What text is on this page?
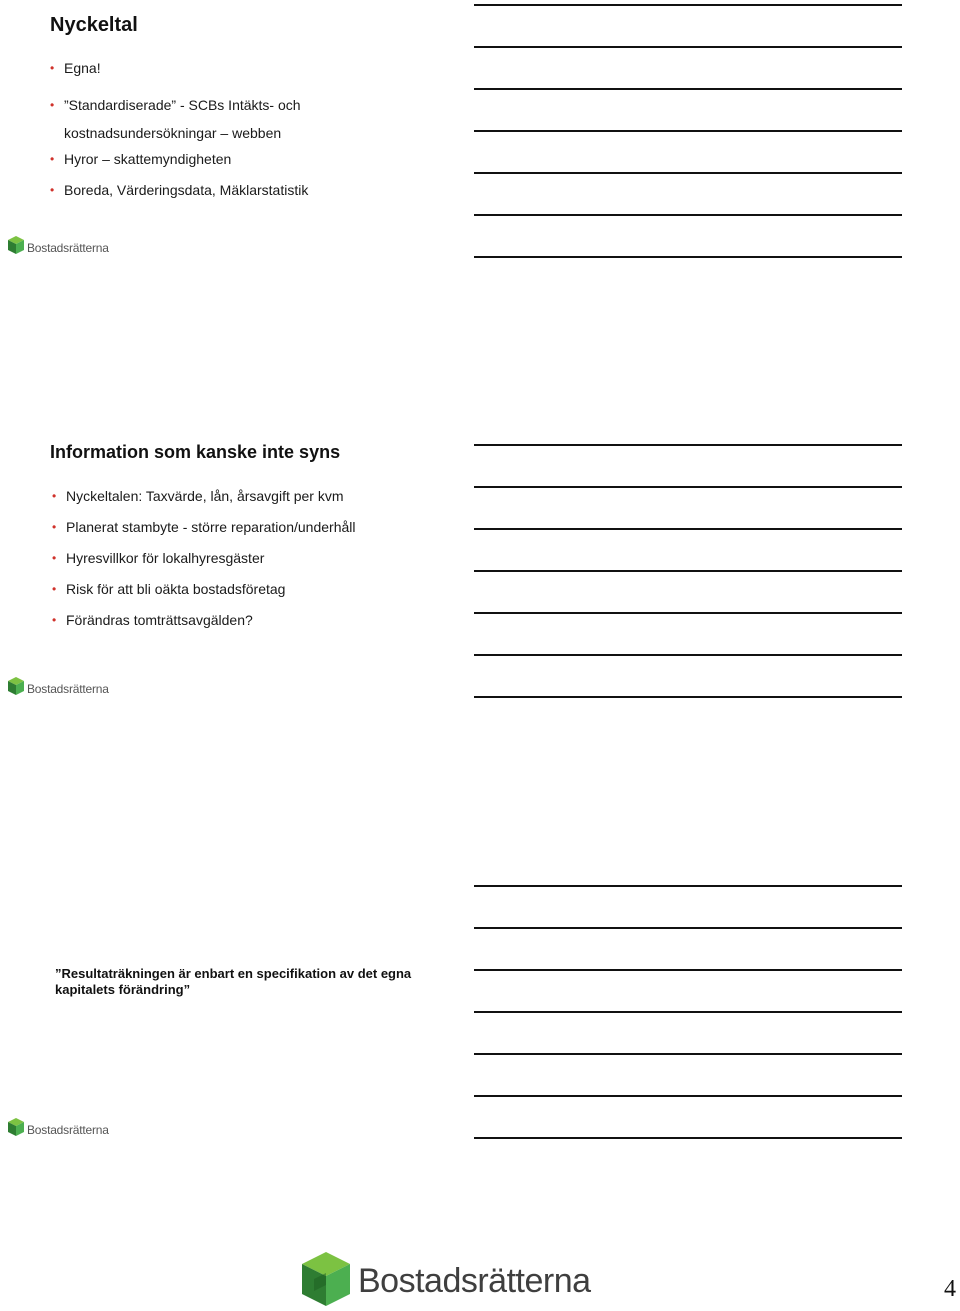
Nyckeltal
• Egna!
• ”Standardiserade” - SCBs Intäkts- och kostnadsundersökningar – webben
• Hyror – skattemyndigheten
• Boreda, Värderingsdata, Mäklarstatistik
Bostadsrätterna
Information som kanske inte syns
• Nyckeltalen: Taxvärde, lån, årsavgift per kvm
• Planerat stambyte - större reparation/underhåll
• Hyresvillkor för lokalhyresgäster
• Risk för att bli oäkta bostadsföretag
• Förändras tomträttsavgälden?
Bostadsrätterna
”Resultaträkningen är enbart en specifikation av det egna kapitalets förändring”
Bostadsrätterna
Bostadsrätterna	4
